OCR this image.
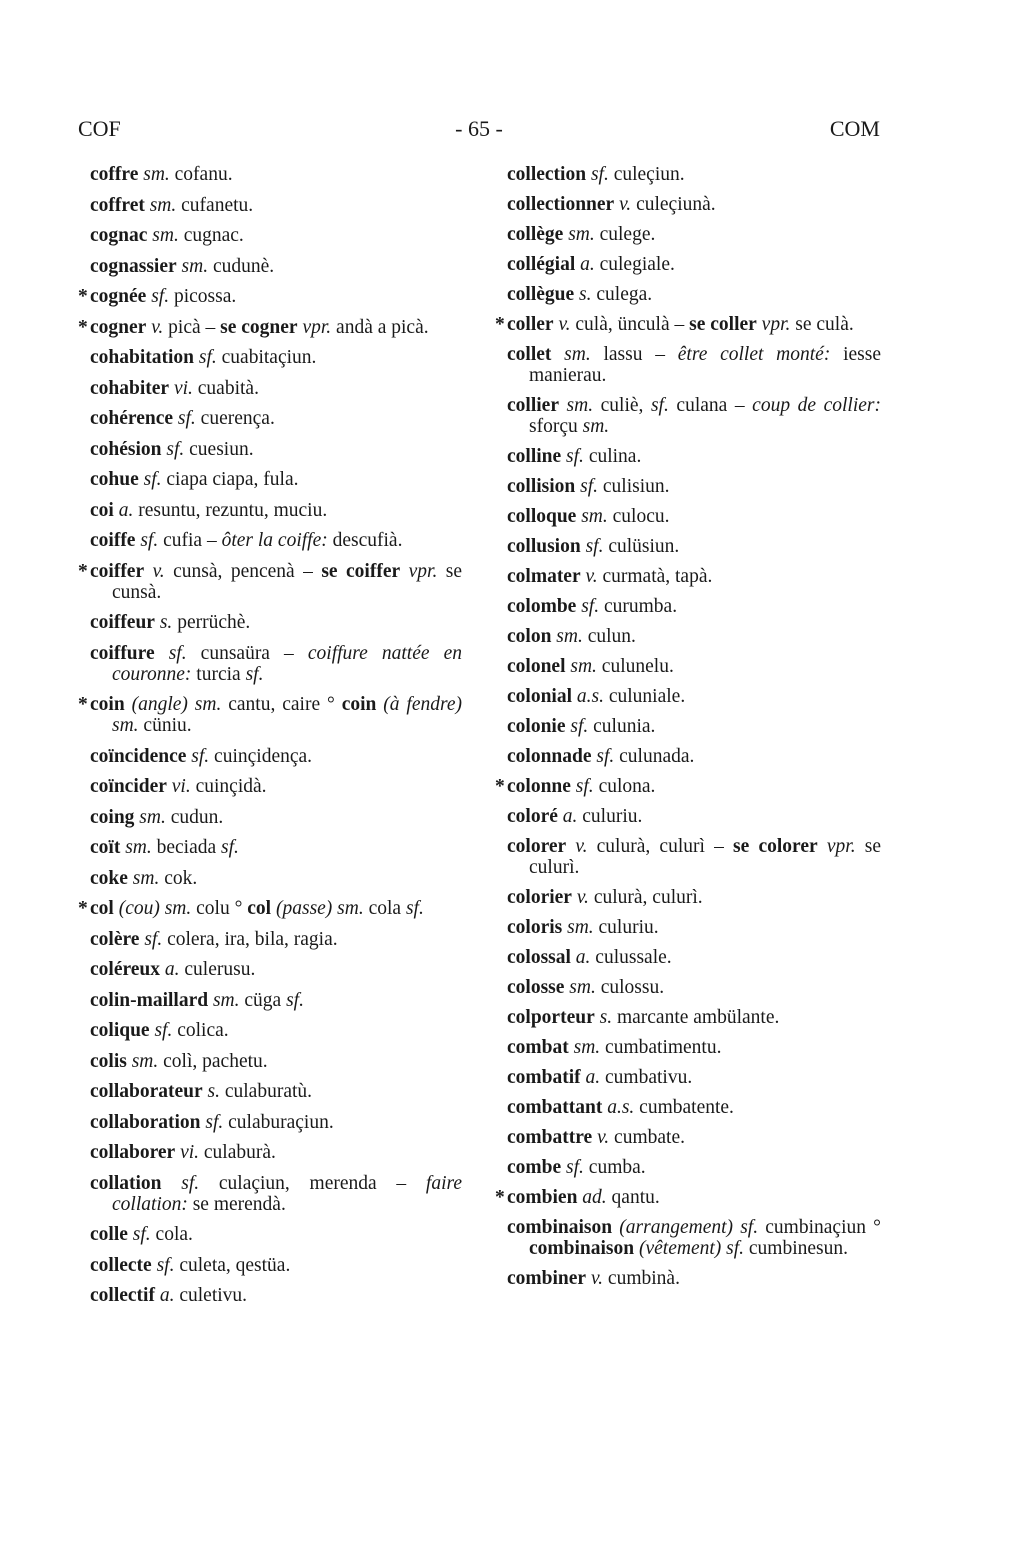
COF	- 65 -	COM

coffre sm. cofanu.

coffret sm. cufanetu.

cognac sm. cugnac.

cognassier sm. cudunè.

* cognée sf. picossa.

* cogner v. picà – se cogner vpr. andà a picà.

cohabitation sf. cuabitaçiun.

cohabiter vi. cuabità.

cohérence sf. cuerença.

cohésion sf. cuesiun.

cohue sf. ciapa ciapa, fula.

coi a. resuntu, rezuntu, muciu.

coiffe sf. cufia – ôter la coiffe: descufià.

* coiffer v. cunsà, pencenà – se coiffer vpr. se cunsà.

coiffeur s. perrüchè.

coiffure sf. cunsaüra – coiffure nattée en couronne: turcia sf.

* coin (angle) sm. cantu, caire ° coin (à fendre) sm. cüniu.

coïncidence sf. cuinçidença.

coïncider vi. cuinçidà.

coing sm. cudun.

coït sm. beciada sf.

coke sm. cok.

* col (cou) sm. colu ° col (passe) sm. cola sf.

colère sf. colera, ira, bila, ragia.

coléreux a. culerusu.

colin-maillard sm. cüga sf.

colique sf. colica.

colis sm. colì, pachetu.

collaborateur s. culaburatù.

collaboration sf. culaburaçiun.

collaborer vi. culaburà.

collation sf. culaçiun, merenda – faire collation: se merendà.

colle sf. cola.

collecte sf. culeta, qestüa.

collectif a. culetivu.

collection sf. culeçiun.

collectionner v. culeçiunà.

collège sm. culege.

collégial a. culegiale.

collègue s. culega.

* coller v. culà, ünculà – se coller vpr. se culà.

collet sm. lassu – être collet monté: iesse manierau.

collier sm. culiè, sf. culana – coup de collier: sforçu sm.

colline sf. culina.

collision sf. culisiun.

colloque sm. culocu.

collusion sf. culüsiun.

colmater v. curmatà, tapà.

colombe sf. curumba.

colon sm. culun.

colonel sm. culunelu.

colonial a.s. culuniale.

colonie sf. culunia.

colonnade sf. culunada.

* colonne sf. culona.

coloré a. culuriu.

colorer v. culurà, culurì – se colorer vpr. se culurì.

colorier v. culurà, culurì.

coloris sm. culuriu.

colossal a. culussale.

colosse sm. culossu.

colporteur s. marcante ambülante.

combat sm. cumbatimentu.

combatif a. cumbativu.

combattant a.s. cumbatente.

combattre v. cumbate.

combe sf. cumba.

* combien ad. qantu.

combinaison (arrangement) sf. cumbinaçiun ° combinaison (vêtement) sf. cumbinesun.

combiner v. cumbinà.
